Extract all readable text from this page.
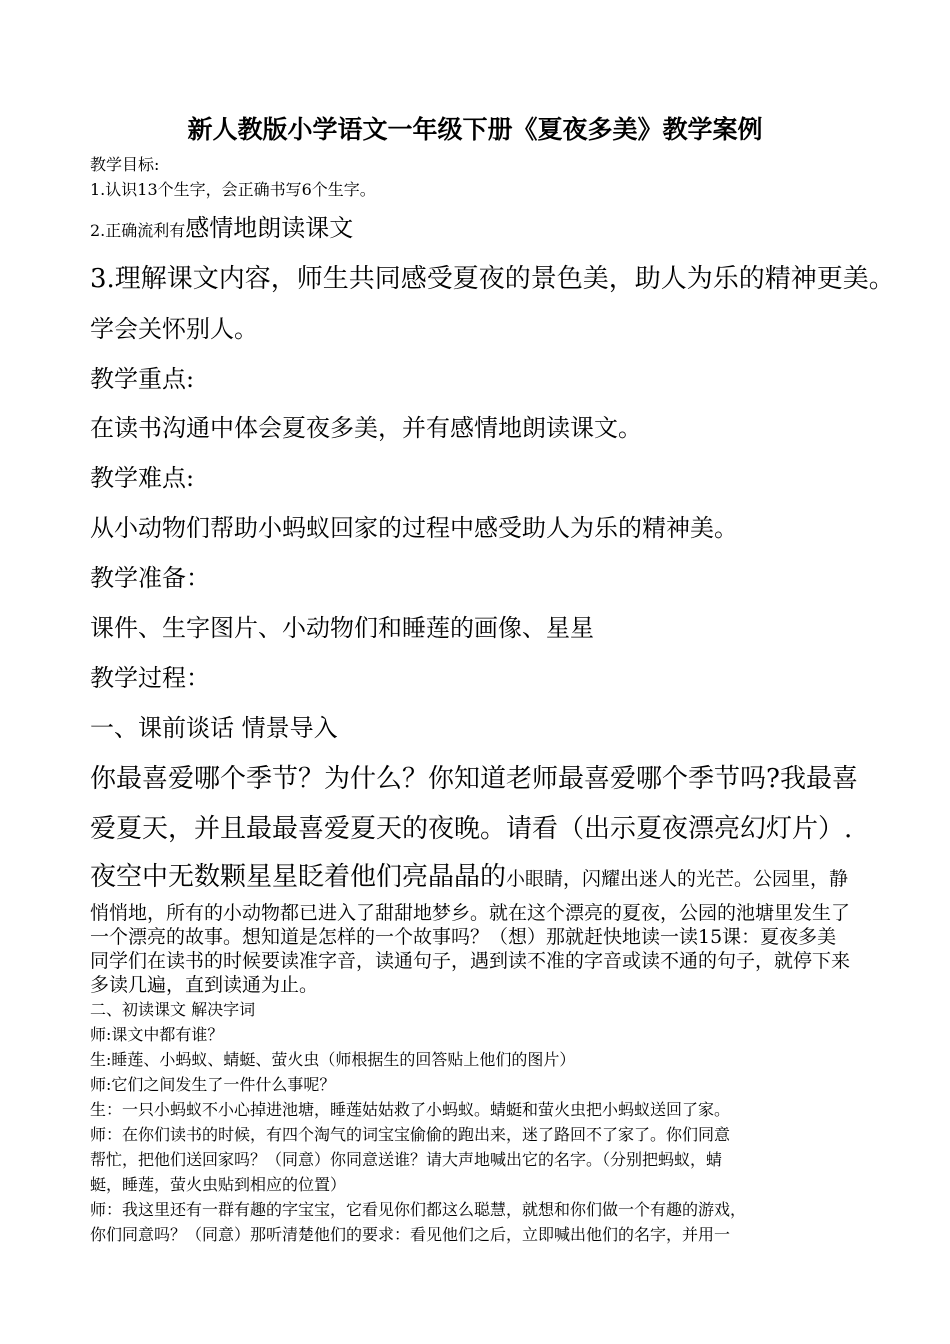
新人教版小学语文一年级下册《夏夜多美》教学案例
教学目标:
1.认识13个生字，会正确书写6个生字。
2.正确流利有感情地朗读课文
3.理解课文内容，师生共同感受夏夜的景色美，助人为乐的精神更美。
学会关怀别人。
教学重点:
在读书沟通中体会夏夜多美，并有感情地朗读课文。
教学难点:
从小动物们帮助小蚂蚁回家的过程中感受助人为乐的精神美。
教学准备：
课件、生字图片、小动物们和睡莲的画像、星星
教学过程：
一、课前谈话 情景导入
你最喜爱哪个季节？为什么？你知道老师最喜爱哪个季节吗?我最喜
爱夏天，并且最最喜爱夏天的夜晚。请看（出示夏夜漂亮幻灯片）.
夜空中无数颗星星眨着他们亮晶晶的小眼睛，闪耀出迷人的光芒。公园里，静
悄悄地，所有的小动物都已进入了甜甜地梦乡。就在这个漂亮的夏夜，公园的池塘里发生了
一个漂亮的故事。想知道是怎样的一个故事吗？（想）那就赶快地读一读15课：夏夜多美
同学们在读书的时候要读准字音，读通句子，遇到读不准的字音或读不通的句子，就停下来
多读几遍，直到读通为止。
二、初读课文 解决字词
师:课文中都有谁？
生:睡莲、小蚂蚁、蜻蜓、萤火虫（师根据生的回答贴上他们的图片）
师:它们之间发生了一件什么事呢？
生：一只小蚂蚁不小心掉进池塘，睡莲姑姑救了小蚂蚁。蜻蜓和萤火虫把小蚂蚁送回了家。
师：在你们读书的时候，有四个淘气的词宝宝偷偷的跑出来，迷了路回不了家了。你们同意
帮忙，把他们送回家吗？（同意）你同意送谁？请大声地喊出它的名字。（分别把蚂蚁，蜻
蜓，睡莲，萤火虫贴到相应的位置）
师：我这里还有一群有趣的字宝宝，它看见你们都这么聪慧，就想和你们做一个有趣的游戏，
你们同意吗？（同意）那听清楚他们的要求：看见他们之后，立即喊出他们的名字，并用一
